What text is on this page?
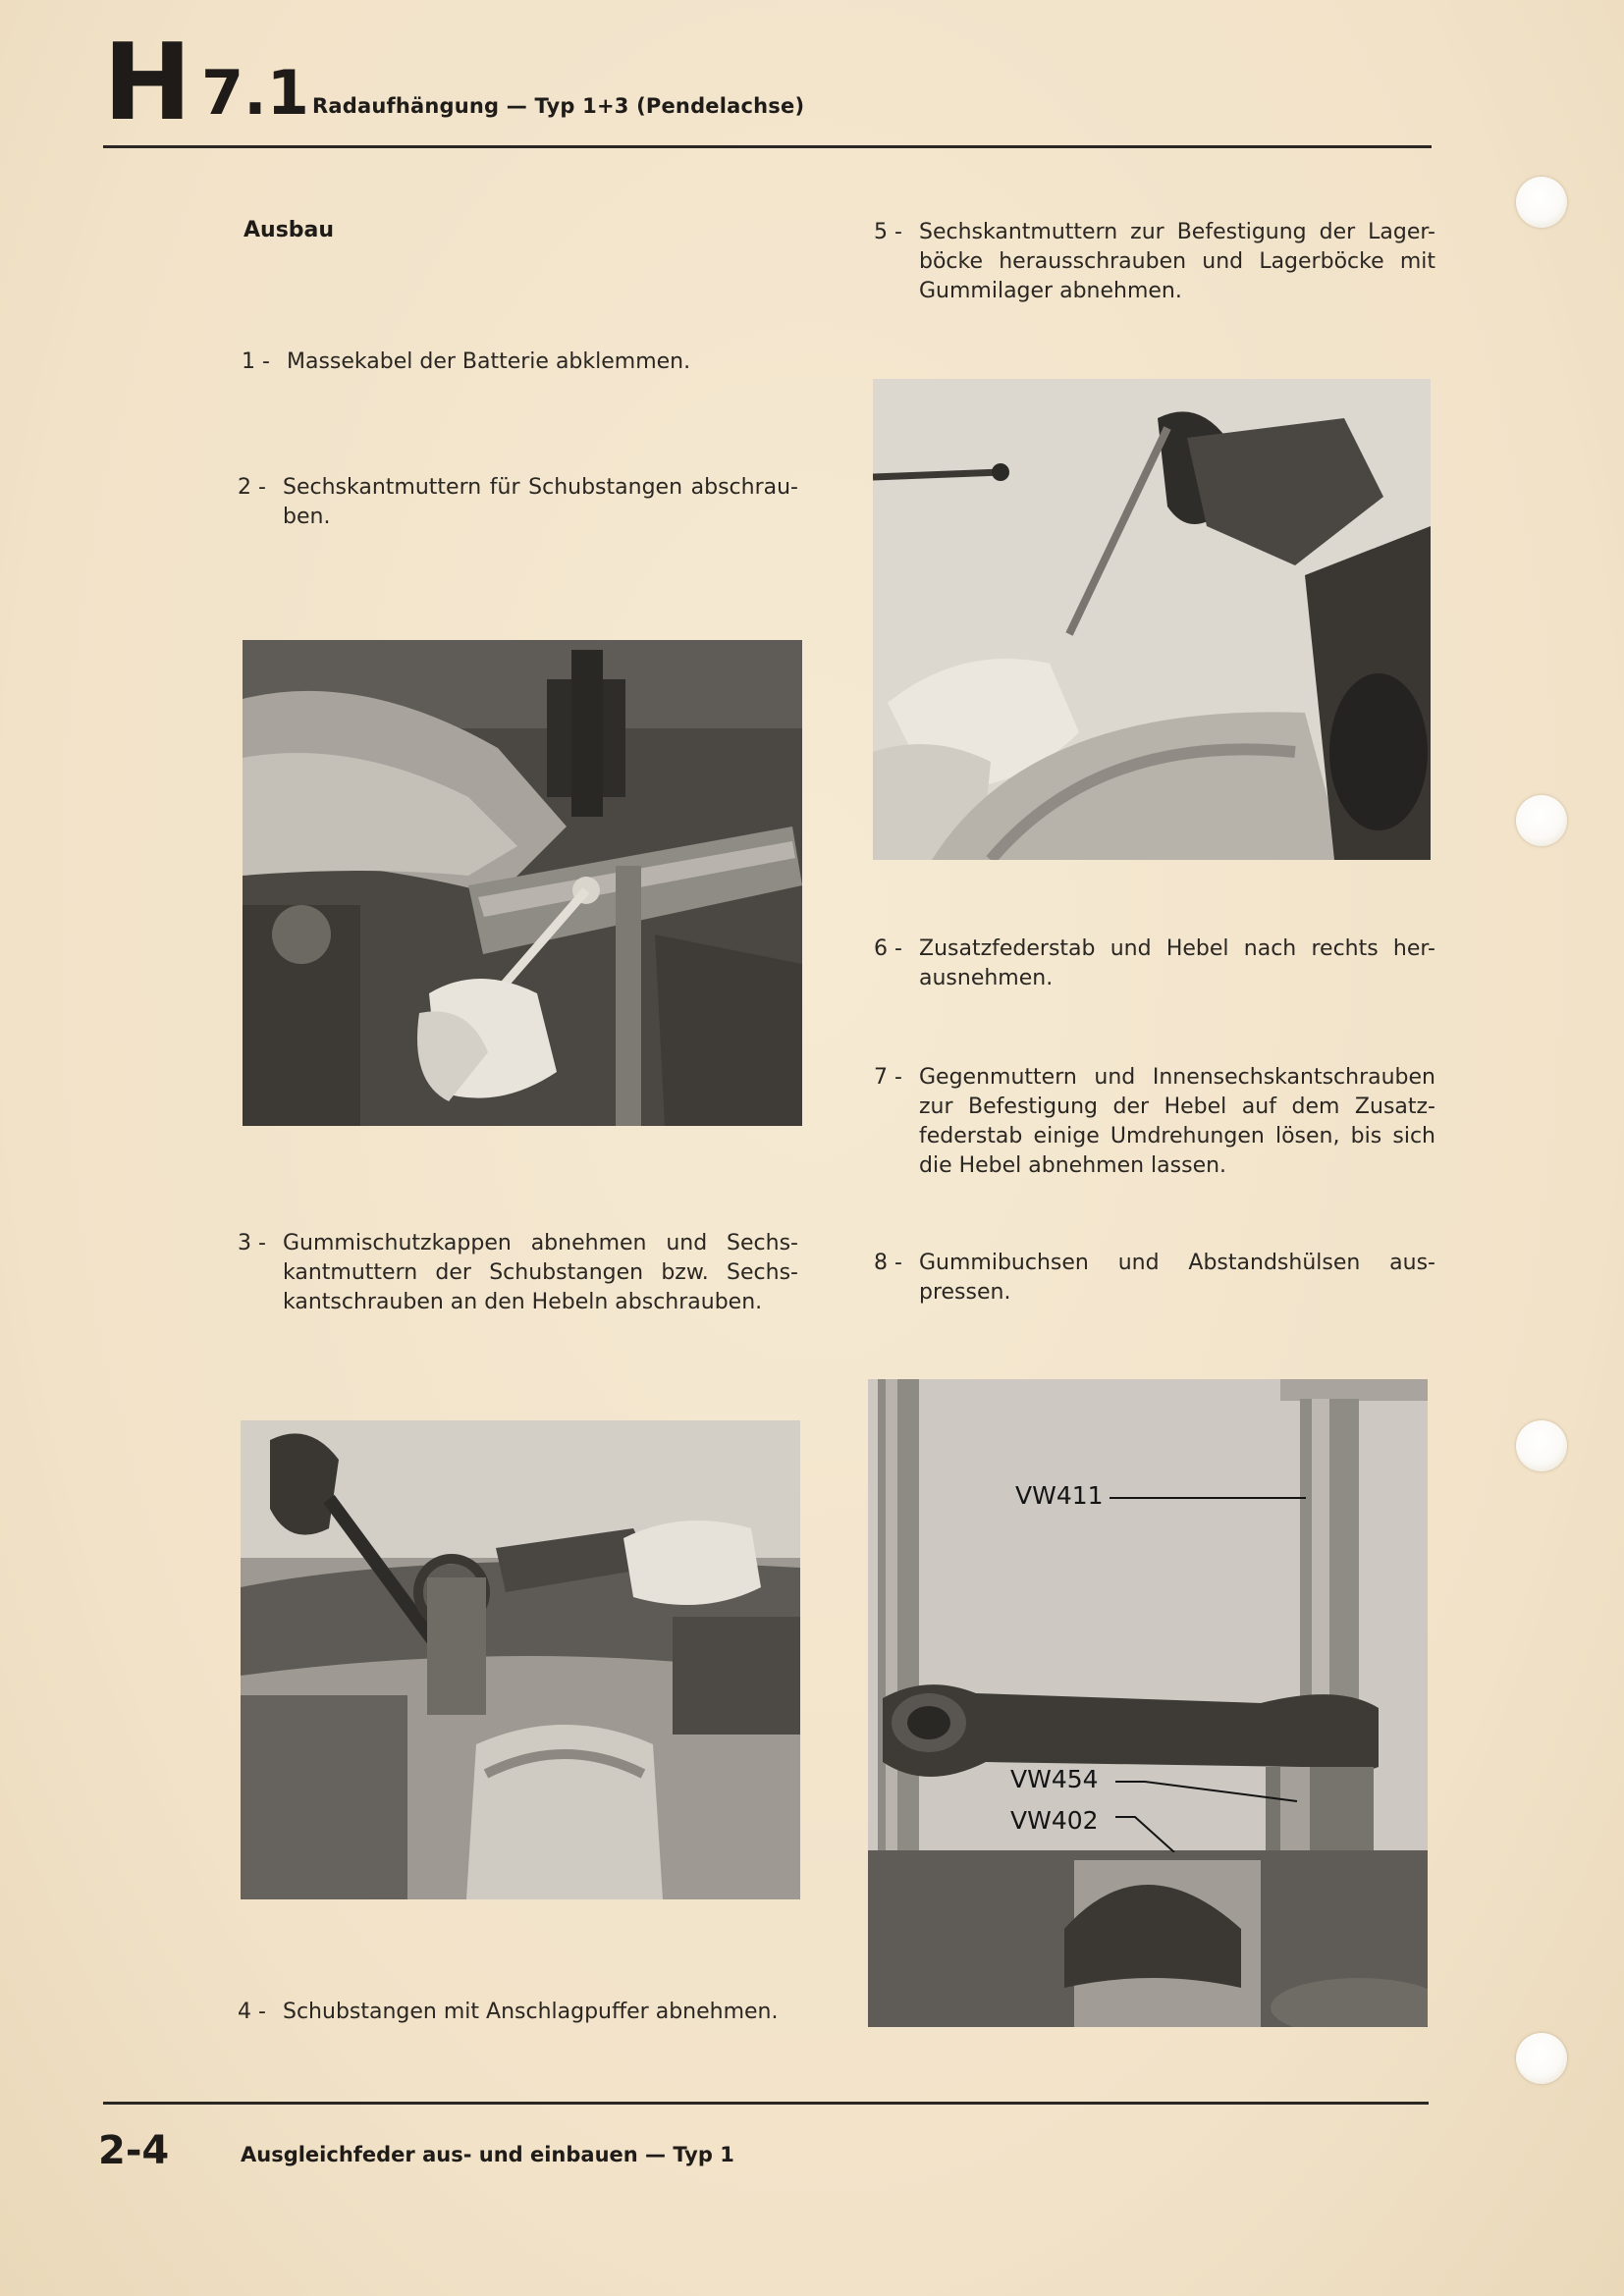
H 7.1 Radaufhängung — Typ 1+3 (Pendelachse)
Ausbau
1 - Massekabel der Batterie abklemmen.
2 - Sechskantmuttern für Schubstangen abschrau-ben.
3 - Gummischutzkappen abnehmen und Sechs-kantmuttern der Schubstangen bzw. Sechs-kantschrauben an den Hebeln abschrauben.
4 - Schubstangen mit Anschlagpuffer abnehmen.
5 - Sechskantmuttern zur Befestigung der Lager-böcke herausschrauben und Lagerböcke mit Gummilager abnehmen.
6 - Zusatzfederstab und Hebel nach rechts her-ausnehmen.
7 - Gegenmuttern und Innensechskantschrauben zur Befestigung der Hebel auf dem Zusatz-federstab einige Umdrehungen lösen, bis sich die Hebel abnehmen lassen.
8 - Gummibuchsen und Abstandshülsen aus-pressen.
VW411
VW454
VW402
2-4	Ausgleichfeder aus- und einbauen — Typ 1
